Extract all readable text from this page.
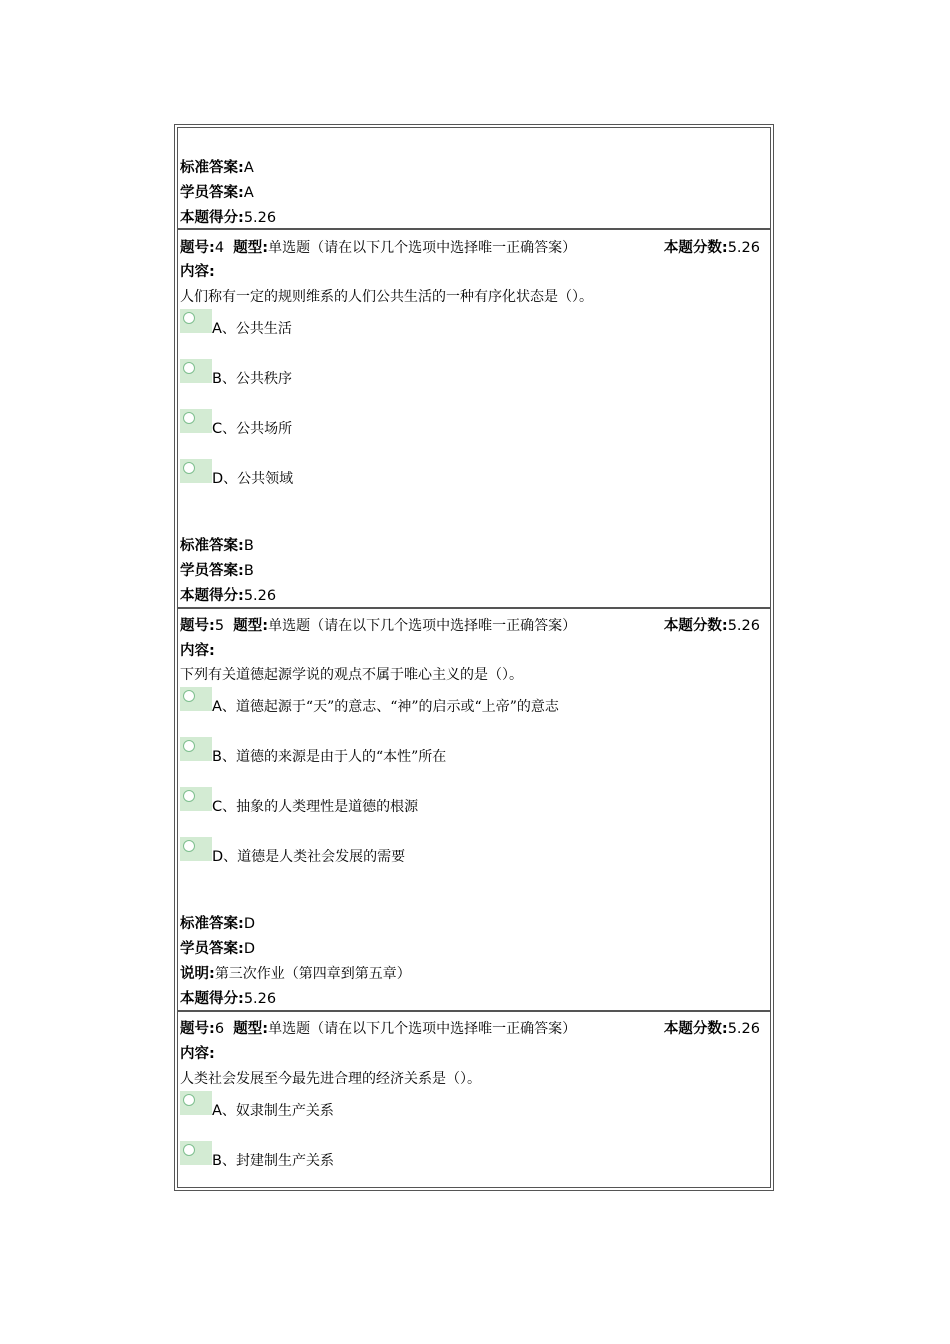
标准答案:A
学员答案:A
本题得分:5.26
题号:4 题型:单选题（请在以下几个选项中选择唯一正确答案）	本题分数:5.26
内容:
人们称有一定的规则维系的人们公共生活的一种有序化状态是（）。
A、公共生活
B、公共秩序
C、公共场所
D、公共领域
标准答案:B
学员答案:B
本题得分:5.26
题号:5 题型:单选题（请在以下几个选项中选择唯一正确答案）	本题分数:5.26
内容:
下列有关道德起源学说的观点不属于唯心主义的是（）。
A、道德起源于“天”的意志、“神”的启示或“上帝”的意志
B、道德的来源是由于人的“本性”所在
C、抽象的人类理性是道德的根源
D、道德是人类社会发展的需要
标准答案:D
学员答案:D
说明:第三次作业（第四章到第五章）
本题得分:5.26
题号:6 题型:单选题（请在以下几个选项中选择唯一正确答案）	本题分数:5.26
内容:
人类社会发展至今最先进合理的经济关系是（）。
A、奴隶制生产关系
B、封建制生产关系
